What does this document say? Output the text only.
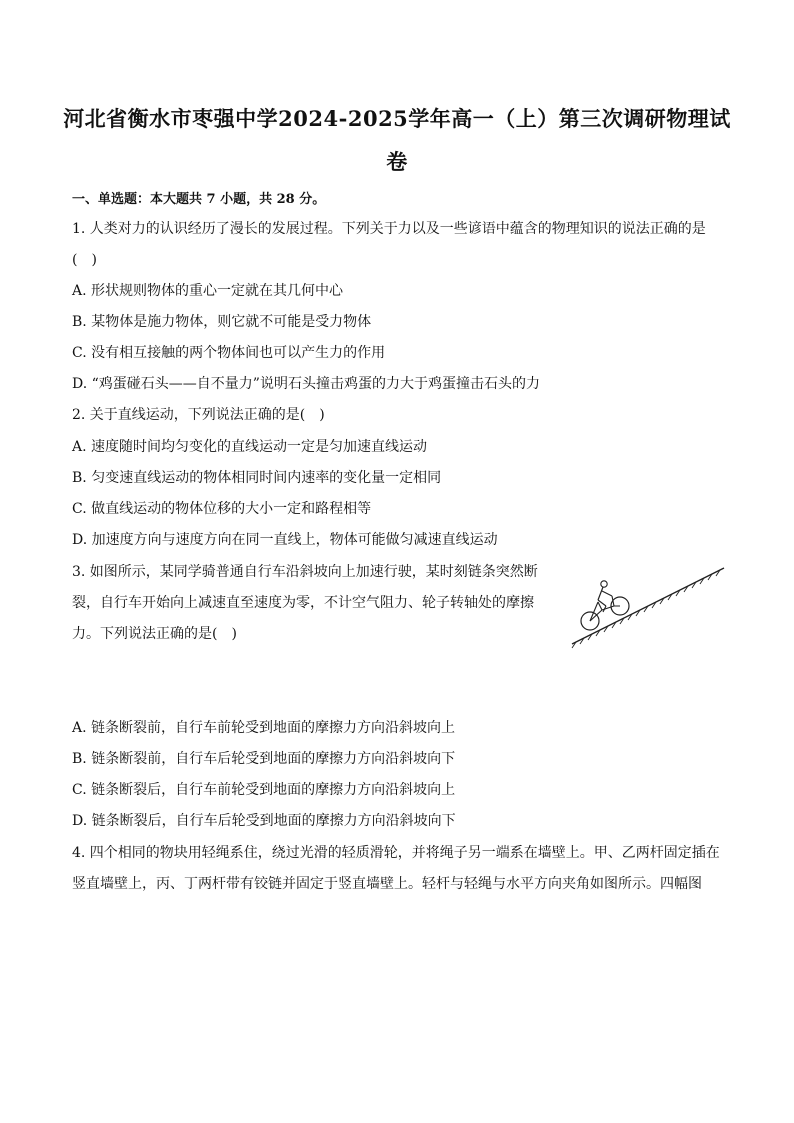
河北省衡水市枣强中学2024-2025学年高一（上）第三次调研物理试
卷
一、单选题：本大题共 7 小题，共 28 分。
1. 人类对力的认识经历了漫长的发展过程。下列关于力以及一些谚语中蕴含的物理知识的说法正确的是
(　)
A. 形状规则物体的重心一定就在其几何中心
B. 某物体是施力物体，则它就不可能是受力物体
C. 没有相互接触的两个物体间也可以产生力的作用
D. “鸡蛋碰石头——自不量力”说明石头撞击鸡蛋的力大于鸡蛋撞击石头的力
2. 关于直线运动，下列说法正确的是(　)
A. 速度随时间均匀变化的直线运动一定是匀加速直线运动
B. 匀变速直线运动的物体相同时间内速率的变化量一定相同
C. 做直线运动的物体位移的大小一定和路程相等
D. 加速度方向与速度方向在同一直线上，物体可能做匀减速直线运动
3. 如图所示，某同学骑普通自行车沿斜坡向上加速行驶，某时刻链条突然断
裂，自行车开始向上减速直至速度为零，不计空气阻力、轮子转轴处的摩擦
力。下列说法正确的是(　)
A. 链条断裂前，自行车前轮受到地面的摩擦力方向沿斜坡向上
B. 链条断裂前，自行车后轮受到地面的摩擦力方向沿斜坡向下
C. 链条断裂后，自行车前轮受到地面的摩擦力方向沿斜坡向上
D. 链条断裂后，自行车后轮受到地面的摩擦力方向沿斜坡向下
4. 四个相同的物块用轻绳系住，绕过光滑的轻质滑轮，并将绳子另一端系在墙壁上。甲、乙两杆固定插在
竖直墙壁上，丙、丁两杆带有铰链并固定于竖直墙壁上。轻杆与轻绳与水平方向夹角如图所示。四幅图
